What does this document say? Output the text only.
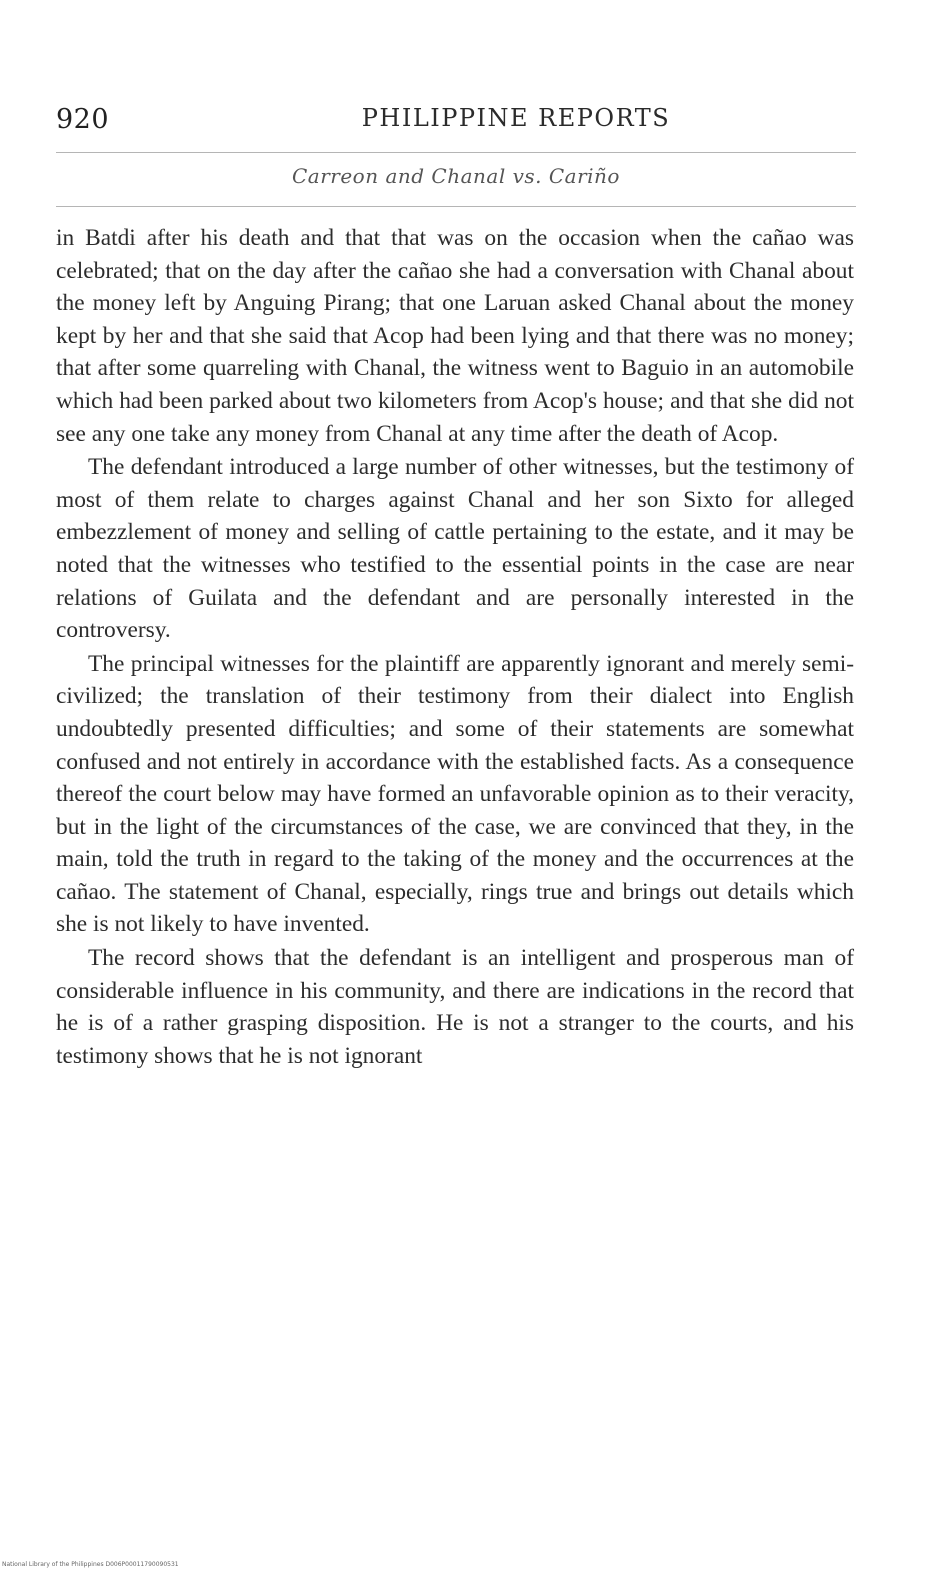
920	PHILIPPINE REPORTS
Carreon and Chanal vs. Cariño

in Batdi after his death and that that was on the occasion when the cañao was celebrated; that on the day after the cañao she had a conversation with Chanal about the money left by Anguing Pirang; that one Laruan asked Chanal about the money kept by her and that she said that Acop had been lying and that there was no money; that after some quarreling with Chanal, the witness went to Baguio in an automobile which had been parked about two kilometers from Acop's house; and that she did not see any one take any money from Chanal at any time after the death of Acop.

The defendant introduced a large number of other witnesses, but the testimony of most of them relate to charges against Chanal and her son Sixto for alleged embezzlement of money and selling of cattle pertaining to the estate, and it may be noted that the witnesses who testified to the essential points in the case are near relations of Guilata and the defendant and are personally interested in the controversy.

The principal witnesses for the plaintiff are apparently ignorant and merely semi-civilized; the translation of their testimony from their dialect into English undoubtedly presented difficulties; and some of their statements are somewhat confused and not entirely in accordance with the established facts. As a consequence thereof the court below may have formed an unfavorable opinion as to their veracity, but in the light of the circumstances of the case, we are convinced that they, in the main, told the truth in regard to the taking of the money and the occurrences at the cañao. The statement of Chanal, especially, rings true and brings out details which she is not likely to have invented.

The record shows that the defendant is an intelligent and prosperous man of considerable influence in his community, and there are indications in the record that he is of a rather grasping disposition. He is not a stranger to the courts, and his testimony shows that he is not ignorant

National Library of the Philippines D006P00011790090531
